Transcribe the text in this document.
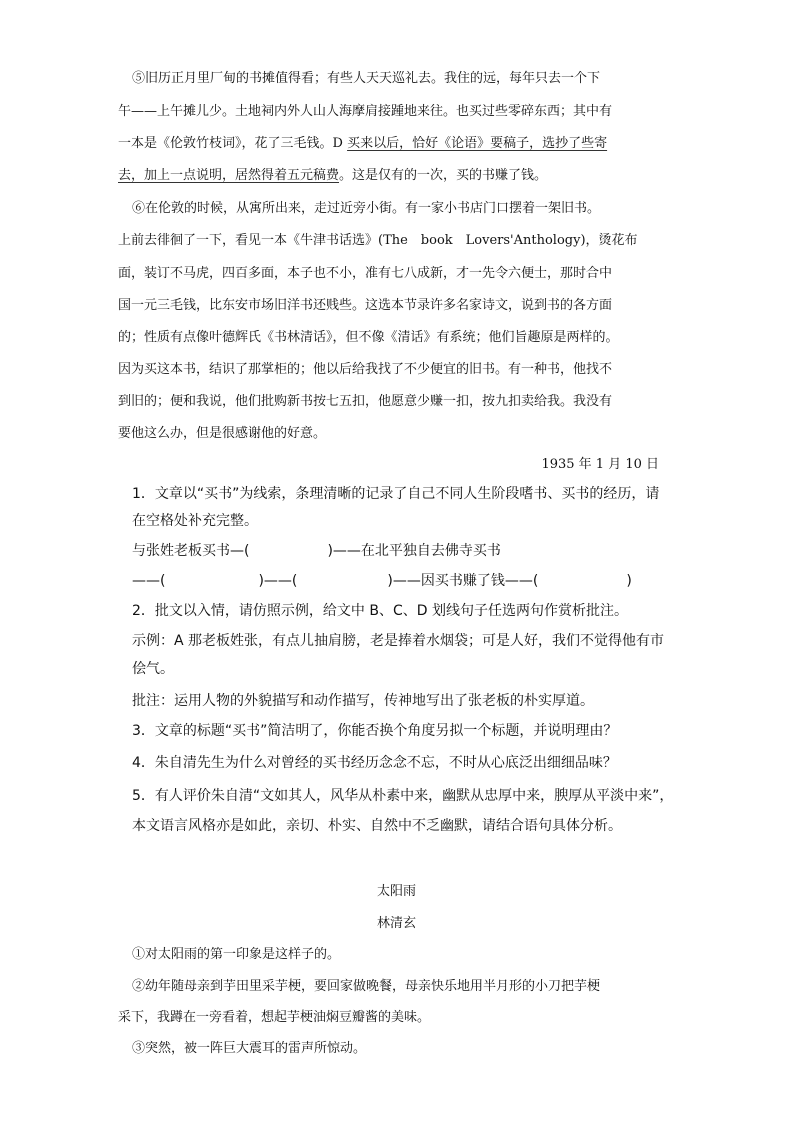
⑤旧历正月里厂甸的书摊值得看；有些人天天巡礼去。我住的远，每年只去一个下
午——上午摊儿少。土地祠内外人山人海摩肩接踵地来往。也买过些零碎东西；其中有
一本是《伦敦竹枝词》，花了三毛钱。D 买来以后，恰好《论语》要稿子，选抄了些寄
去，加上一点说明，居然得着五元稿费。这是仅有的一次，买的书赚了钱。
⑥在伦敦的时候，从寓所出来，走过近旁小街。有一家小书店门口摆着一架旧书。
上前去徘徊了一下，看见一本《牛津书话选》(The　book　Lovers'Anthology)，烫花布
面，装订不马虎，四百多面，本子也不小，准有七八成新，才一先令六便士，那时合中
国一元三毛钱，比东安市场旧洋书还贱些。这选本节录许多名家诗文，说到书的各方面
的；性质有点像叶德辉氏《书林清话》，但不像《清话》有系统；他们旨趣原是两样的。
因为买这本书，结识了那掌柜的；他以后给我找了不少便宜的旧书。有一种书，他找不
到旧的；便和我说，他们批购新书按七五扣，他愿意少赚一扣，按九扣卖给我。我没有
要他这么办，但是很感谢他的好意。
1935 年 1 月 10 日
1．文章以“买书”为线索，条理清晰的记录了自己不同人生阶段嗜书、买书的经历，请
在空格处补充完整。
与张姓老板买书—(	)——在北平独自去佛寺买书
——(	)——(	)——因买书赚了钱——(	)
2．批文以入情，请仿照示例，给文中 B、C、D 划线句子任选两句作赏析批注。
示例：A 那老板姓张，有点儿抽肩膀，老是捧着水烟袋；可是人好，我们不觉得他有市
侩气。
批注：运用人物的外貌描写和动作描写，传神地写出了张老板的朴实厚道。
3．文章的标题“买书”简洁明了，你能否换个角度另拟一个标题，并说明理由？
4．朱自清先生为什么对曾经的买书经历念念不忘，不时从心底泛出细细品味？
5．有人评价朱自清“文如其人，风华从朴素中来，幽默从忠厚中来，腴厚从平淡中来”，
本文语言风格亦是如此，亲切、朴实、自然中不乏幽默，请结合语句具体分析。
太阳雨
林清玄
①对太阳雨的第一印象是这样子的。
②幼年随母亲到芋田里采芋梗，要回家做晚餐，母亲快乐地用半月形的小刀把芋梗
采下，我蹲在一旁看着，想起芋梗油焖豆瓣酱的美味。
③突然，被一阵巨大震耳的雷声所惊动。
